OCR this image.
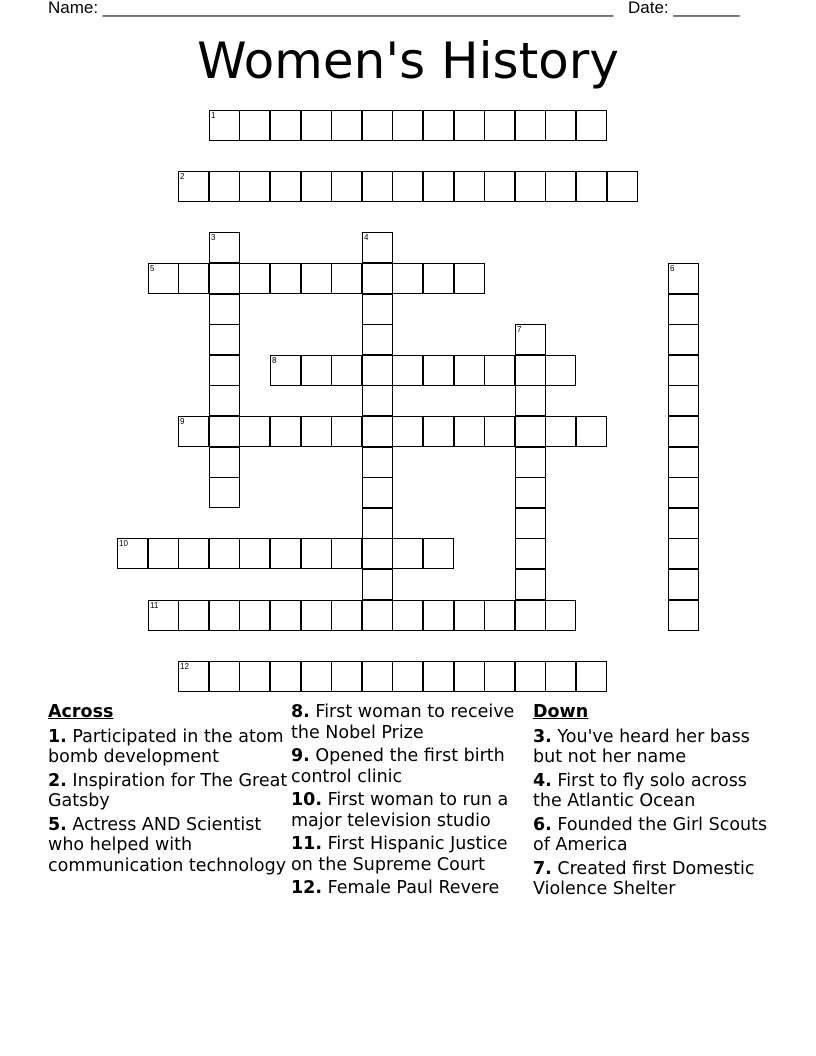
Name: ______________________________________________________ Date: _______
Women's History
1
2
3	4
5	6
7
8
9
10
11
12
Across
1. Participated in the atom bomb development
2. Inspiration for The Great Gatsby
5. Actress AND Scientist who helped with communication technology
8. First woman to receive the Nobel Prize
9. Opened the first birth control clinic
10. First woman to run a major television studio
11. First Hispanic Justice on the Supreme Court
12. Female Paul Revere
Down
3. You've heard her bass but not her name
4. First to fly solo across the Atlantic Ocean
6. Founded the Girl Scouts of America
7. Created first Domestic Violence Shelter
